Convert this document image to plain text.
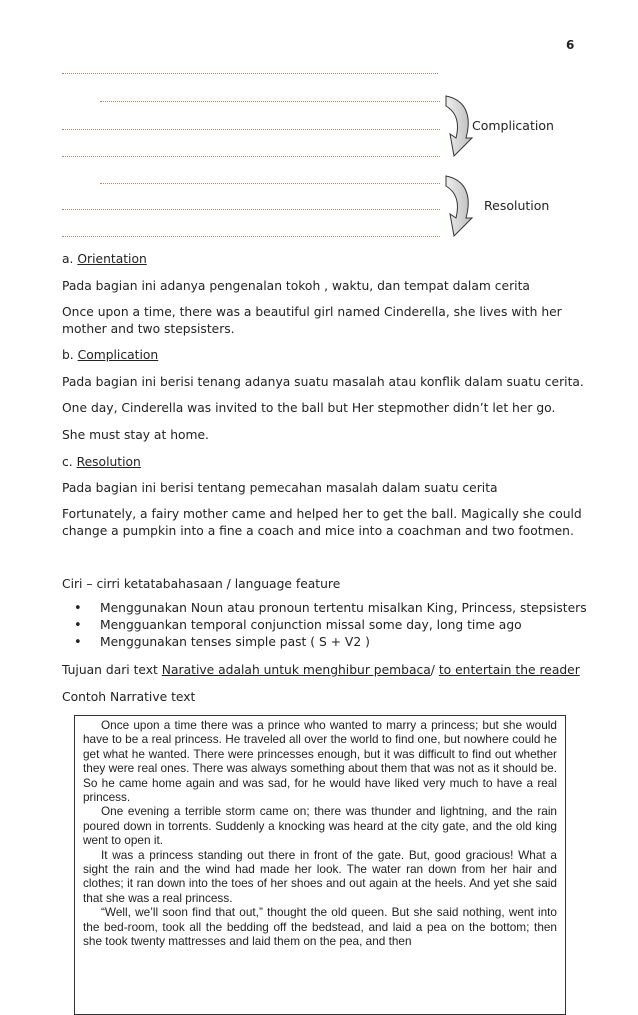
6
Complication
Resolution
a. Orientation
Pada bagian ini adanya pengenalan tokoh , waktu, dan tempat dalam cerita
Once upon a time, there was a beautiful girl named Cinderella, she lives with her mother and two stepsisters.
b. Complication
Pada bagian ini berisi tenang adanya suatu masalah atau konflik dalam suatu cerita.
One day, Cinderella was invited to the ball but Her stepmother didn’t let her go.
She must stay at home.
c. Resolution
Pada bagian ini berisi tentang pemecahan masalah dalam suatu cerita
Fortunately, a fairy mother came and helped her to get the ball. Magically she could change a pumpkin into a fine a coach and mice into a coachman and two footmen.
Ciri – cirri ketatabahasaan / language feature
• Menggunakan Noun atau pronoun tertentu misalkan King, Princess, stepsisters
• Mengguankan temporal conjunction missal some day, long time ago
• Menggunakan tenses simple past ( S + V2 )
Tujuan dari text Narative adalah untuk menghibur pembaca/ to entertain the reader
Contoh Narrative text

Once upon a time there was a prince who wanted to marry a princess; but she would have to be a real princess. He traveled all over the world to find one, but nowhere could he get what he wanted. There were princesses enough, but it was difficult to find out whether they were real ones. There was always something about them that was not as it should be. So he came home again and was sad, for he would have liked very much to have a real princess.

One evening a terrible storm came on; there was thunder and lightning, and the rain poured down in torrents. Suddenly a knocking was heard at the city gate, and the old king went to open it.

It was a princess standing out there in front of the gate. But, good gracious! What a sight the rain and the wind had made her look. The water ran down from her hair and clothes; it ran down into the toes of her shoes and out again at the heels. And yet she said that she was a real princess.

“Well, we’ll soon find that out,” thought the old queen. But she said nothing, went into the bed-room, took all the bedding off the bedstead, and laid a pea on the bottom; then she took twenty mattresses and laid them on the pea, and then
